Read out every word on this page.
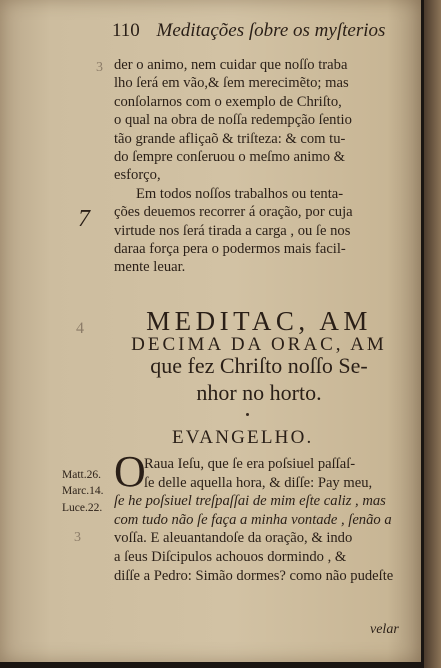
110 Meditações ſobre os myſterios
3
7
4
3
der o animo, nem cuidar que noſſo traba
lho ſerá em vão,& ſem merecimẽto; mas
conſolarnos com o exemplo de Chriſto,
o qual na obra de noſſa redempção ſentio
tão grande afliçaõ & triſteza: & com tu-
do ſempre conſeruou o meſmo animo &
esforço,
Em todos noſſos trabalhos ou tenta-
ções deuemos recorrer á oração, por cuja
virtude nos ſerá tirada a carga , ou ſe nos
daraa força pera o podermos mais facil-
mente leuar.
MEDITAC, AM
DECIMA DA ORAC, AM
que fez Chriſto noſſo Se-
nhor no horto.
EVANGELHO.
Matt.26.
Marc.14.
Luce.22.
O
Raua Ieſu, que ſe era poſsiuel paſſaſ-
ſe delle aquella hora, & diſſe: Pay meu,
ſe he poſsiuel treſpaſſai de mim eſte caliz , mas
com tudo não ſe faça a minha vontade , ſenão a
voſſa. E aleuantandoſe da oração, & indo
a ſeus Diſcipulos achouos dormindo , &
diſſe a Pedro: Simão dormes? como não pudeſte
velar
